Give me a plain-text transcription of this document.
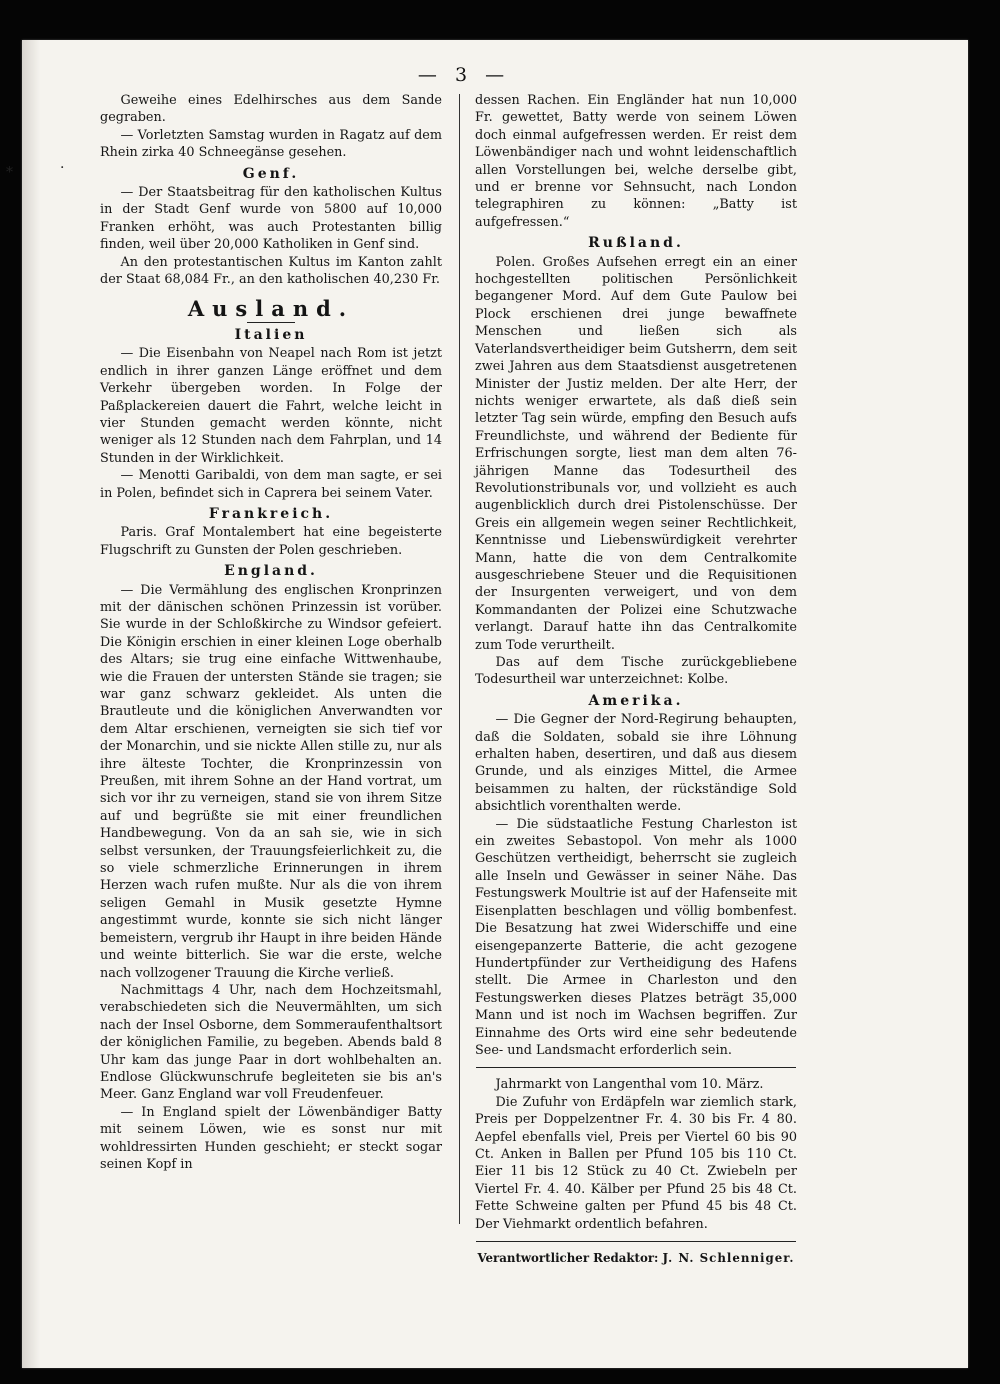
⁎	·
— 3 —

Geweihe eines Edelhirsches aus dem Sande gegraben.

— Vorletzten Samstag wurden in Ragatz auf dem Rhein zirka 40 Schneegänse gesehen.

Genf.

— Der Staatsbeitrag für den katholischen Kultus in der Stadt Genf wurde von 5800 auf 10,000 Franken erhöht, was auch Protestanten billig finden, weil über 20,000 Katholiken in Genf sind.

An den protestantischen Kultus im Kanton zahlt der Staat 68,084 Fr., an den katholischen 40,230 Fr.

Ausland.
Italien

— Die Eisenbahn von Neapel nach Rom ist jetzt endlich in ihrer ganzen Länge eröffnet und dem Verkehr übergeben worden. In Folge der Paßplackereien dauert die Fahrt, welche leicht in vier Stunden gemacht werden könnte, nicht weniger als 12 Stunden nach dem Fahrplan, und 14 Stunden in der Wirklichkeit.

— Menotti Garibaldi, von dem man sagte, er sei in Polen, befindet sich in Caprera bei seinem Vater.

Frankreich.

Paris. Graf Montalembert hat eine begeisterte Flugschrift zu Gunsten der Polen geschrieben.

England.

— Die Vermählung des englischen Kronprinzen mit der dänischen schönen Prinzessin ist vorüber. Sie wurde in der Schloßkirche zu Windsor gefeiert. Die Königin erschien in einer kleinen Loge oberhalb des Altars; sie trug eine einfache Wittwenhaube, wie die Frauen der untersten Stände sie tragen; sie war ganz schwarz gekleidet. Als unten die Brautleute und die königlichen Anverwandten vor dem Altar erschienen, verneigten sie sich tief vor der Monarchin, und sie nickte Allen stille zu, nur als ihre älteste Tochter, die Kronprinzessin von Preußen, mit ihrem Sohne an der Hand vortrat, um sich vor ihr zu verneigen, stand sie von ihrem Sitze auf und begrüßte sie mit einer freundlichen Handbewegung. Von da an sah sie, wie in sich selbst versunken, der Trauungsfeierlichkeit zu, die so viele schmerzliche Erinnerungen in ihrem Herzen wach rufen mußte. Nur als die von ihrem seligen Gemahl in Musik gesetzte Hymne angestimmt wurde, konnte sie sich nicht länger bemeistern, vergrub ihr Haupt in ihre beiden Hände und weinte bitterlich. Sie war die erste, welche nach vollzogener Trauung die Kirche verließ.

Nachmittags 4 Uhr, nach dem Hochzeitsmahl, verabschiedeten sich die Neuvermählten, um sich nach der Insel Osborne, dem Sommeraufenthaltsort der königlichen Familie, zu begeben. Abends bald 8 Uhr kam das junge Paar in dort wohlbehalten an. Endlose Glückwunschrufe begleiteten sie bis an's Meer. Ganz England war voll Freudenfeuer.

— In England spielt der Löwenbändiger Batty mit seinem Löwen, wie es sonst nur mit wohldressirten Hunden geschieht; er steckt sogar seinen Kopf in

dessen Rachen. Ein Engländer hat nun 10,000 Fr. gewettet, Batty werde von seinem Löwen doch einmal aufgefressen werden. Er reist dem Löwenbändiger nach und wohnt leidenschaftlich allen Vorstellungen bei, welche derselbe gibt, und er brenne vor Sehnsucht, nach London telegraphiren zu können: „Batty ist aufgefressen.“

Rußland.

Polen. Großes Aufsehen erregt ein an einer hochgestellten politischen Persönlichkeit begangener Mord. Auf dem Gute Paulow bei Plock erschienen drei junge bewaffnete Menschen und ließen sich als Vaterlandsvertheidiger beim Gutsherrn, dem seit zwei Jahren aus dem Staatsdienst ausgetretenen Minister der Justiz melden. Der alte Herr, der nichts weniger erwartete, als daß dieß sein letzter Tag sein würde, empfing den Besuch aufs Freundlichste, und während der Bediente für Erfrischungen sorgte, liest man dem alten 76-jährigen Manne das Todesurtheil des Revolutionstribunals vor, und vollzieht es auch augenblicklich durch drei Pistolenschüsse. Der Greis ein allgemein wegen seiner Rechtlichkeit, Kenntnisse und Liebenswürdigkeit verehrter Mann, hatte die von dem Centralkomite ausgeschriebene Steuer und die Requisitionen der Insurgenten verweigert, und von dem Kommandanten der Polizei eine Schutzwache verlangt. Darauf hatte ihn das Centralkomite zum Tode verurtheilt.

Das auf dem Tische zurückgebliebene Todesurtheil war unterzeichnet: Kolbe.

Amerika.

— Die Gegner der Nord-Regirung behaupten, daß die Soldaten, sobald sie ihre Löhnung erhalten haben, desertiren, und daß aus diesem Grunde, und als einziges Mittel, die Armee beisammen zu halten, der rückständige Sold absichtlich vorenthalten werde.

— Die südstaatliche Festung Charleston ist ein zweites Sebastopol. Von mehr als 1000 Geschützen vertheidigt, beherrscht sie zugleich alle Inseln und Gewässer in seiner Nähe. Das Festungswerk Moultrie ist auf der Hafenseite mit Eisenplatten beschlagen und völlig bombenfest. Die Besatzung hat zwei Widerschiffe und eine eisengepanzerte Batterie, die acht gezogene Hundertpfünder zur Vertheidigung des Hafens stellt. Die Armee in Charleston und den Festungswerken dieses Platzes beträgt 35,000 Mann und ist noch im Wachsen begriffen. Zur Einnahme des Orts wird eine sehr bedeutende See- und Landsmacht erforderlich sein.

Jahrmarkt von Langenthal vom 10. März.

Die Zufuhr von Erdäpfeln war ziemlich stark, Preis per Doppelzentner Fr. 4. 30 bis Fr. 4 80. Aepfel ebenfalls viel, Preis per Viertel 60 bis 90 Ct. Anken in Ballen per Pfund 105 bis 110 Ct. Eier 11 bis 12 Stück zu 40 Ct. Zwiebeln per Viertel Fr. 4. 40. Kälber per Pfund 25 bis 48 Ct. Fette Schweine galten per Pfund 45 bis 48 Ct. Der Viehmarkt ordentlich befahren.

Verantwortlicher Redaktor: J. N. Schlenniger.
